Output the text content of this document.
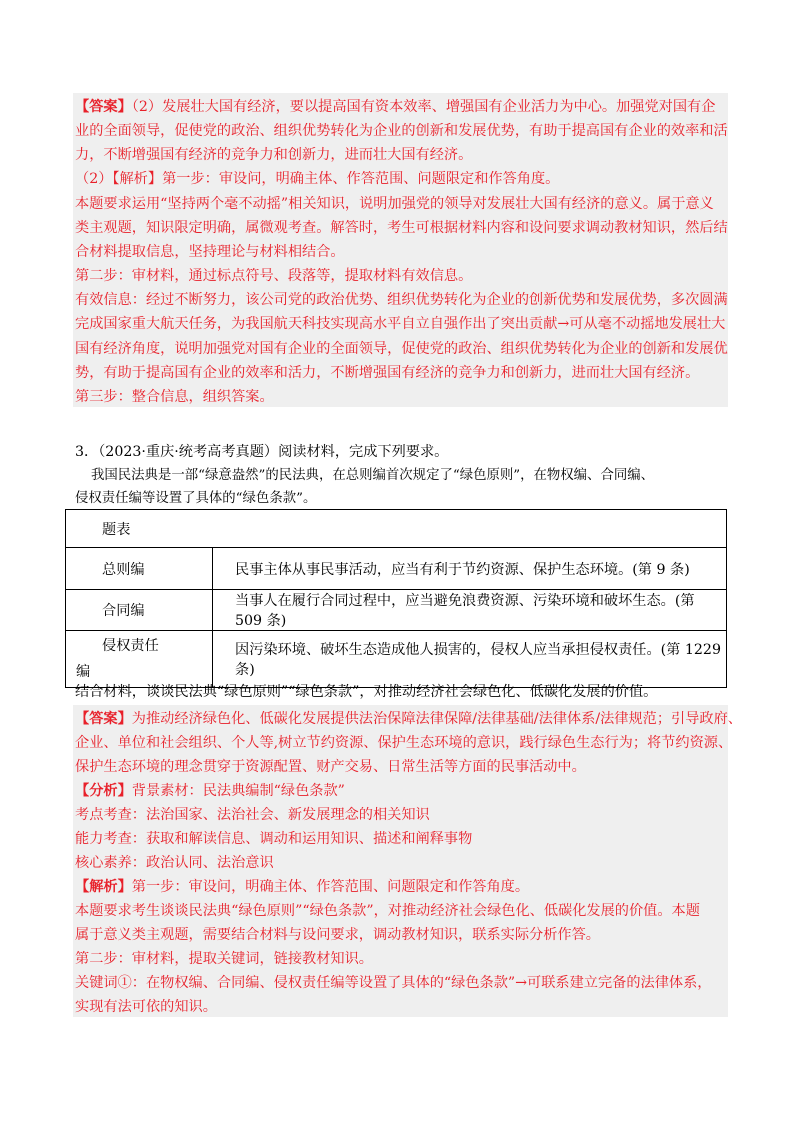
【答案】（2）发展壮大国有经济，要以提高国有资本效率、增强国有企业活力为中心。加强党对国有企
业的全面领导，促使党的政治、组织优势转化为企业的创新和发展优势，有助于提高国有企业的效率和活
力，不断增强国有经济的竞争力和创新力，进而壮大国有经济。
（2）【解析】第一步：审设问，明确主体、作答范围、问题限定和作答角度。
本题要求运用“坚持两个毫不动摇”相关知识，说明加强党的领导对发展壮大国有经济的意义。属于意义
类主观题，知识限定明确，属微观考查。解答时，考生可根据材料内容和设问要求调动教材知识，然后结
合材料提取信息，坚持理论与材料相结合。
第二步：审材料，通过标点符号、段落等，提取材料有效信息。
有效信息：经过不断努力，该公司党的政治优势、组织优势转化为企业的创新优势和发展优势，多次圆满
完成国家重大航天任务，为我国航天科技实现高水平自立自强作出了突出贡献→可从毫不动摇地发展壮大
国有经济角度，说明加强党对国有企业的全面领导，促使党的政治、组织优势转化为企业的创新和发展优
势，有助于提高国有企业的效率和活力，不断增强国有经济的竞争力和创新力，进而壮大国有经济。
第三步：整合信息，组织答案。
3．（2023·重庆·统考高考真题）阅读材料，完成下列要求。
我国民法典是一部“绿意盎然”的民法典，在总则编首次规定了“绿色原则”，在物权编、合同编、
侵权责任编等设置了具体的“绿色条款”。
题表	
总则编	民事主体从事民事活动，应当有利于节约资源、保护生态环境。(第 9 条)
合同编	当事人在履行合同过程中，应当避免浪费资源、污染环境和破坏生态。(第 509 条)
侵权责任
编	因污染环境、破坏生态造成他人损害的，侵权人应当承担侵权责任。(第 1229 条)
结合材料，谈谈民法典“绿色原则”“绿色条款”，对推动经济社会绿色化、低碳化发展的价值。
【答案】为推动经济绿色化、低碳化发展提供法治保障法律保障/法律基础/法律体系/法律规范；引导政府、
企业、单位和社会组织、个人等,树立节约资源、保护生态环境的意识，践行绿色生态行为；将节约资源、
保护生态环境的理念贯穿于资源配置、财产交易、日常生活等方面的民事活动中。
【分析】背景素材：民法典编制“绿色条款”
考点考查：法治国家、法治社会、新发展理念的相关知识
能力考查：获取和解读信息、调动和运用知识、描述和阐释事物
核心素养：政治认同、法治意识
【解析】第一步：审设问，明确主体、作答范围、问题限定和作答角度。
本题要求考生谈谈民法典“绿色原则”“绿色条款”，对推动经济社会绿色化、低碳化发展的价值。本题
属于意义类主观题，需要结合材料与设问要求，调动教材知识，联系实际分析作答。
第二步：审材料，提取关键词，链接教材知识。
关键词①：在物权编、合同编、侵权责任编等设置了具体的“绿色条款”→可联系建立完备的法律体系，
实现有法可依的知识。
